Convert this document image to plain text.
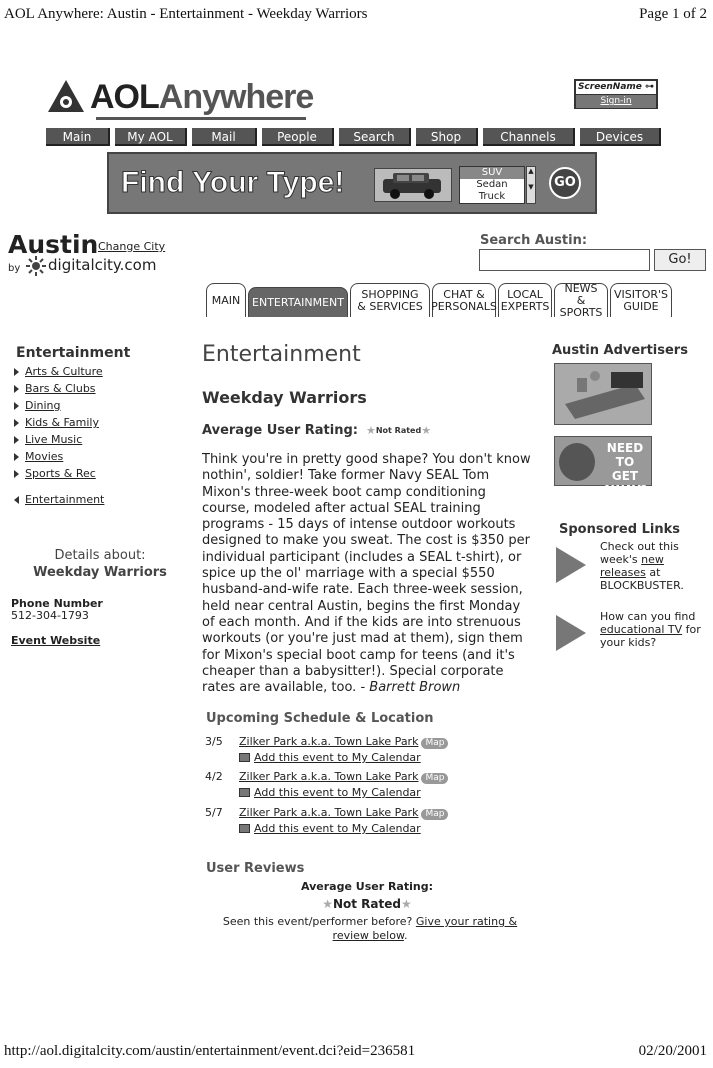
AOL Anywhere: Austin - Entertainment - Weekday Warriors	Page 1 of 2
AOLAnywhere	ScreenName ⊶
Sign-in
Main	My AOL	Mail	People	Search	Shop	Channels	Devices
Find Your Type!	SUV
Sedan
Truck
▲

▼	GO
Austin Change City
by digitalcity.com
Search Austin:
Go!
MAIN	ENTERTAINMENT
SHOPPING & SERVICES
CHAT & PERSONALS
LOCAL EXPERTS
NEWS & SPORTS
VISITOR'S GUIDE
Entertainment
Arts & Culture
Bars & Clubs
Dining
Kids & Family
Live Music
Movies
Sports & Rec
Entertainment
Details about:
Weekday Warriors
Phone Number
512-304-1793
Event Website
Entertainment
Weekday Warriors
Average User Rating: ★ Not Rated ★
Think you're in pretty good shape? You don't know nothin', soldier! Take former Navy SEAL Tom Mixon's three-week boot camp conditioning course, modeled after actual SEAL training programs - 15 days of intense outdoor workouts designed to make you sweat. The cost is $350 per individual participant (includes a SEAL t-shirt), or spice up the ol' marriage with a special $550 husband-and-wife rate. Each three-week session, held near central Austin, begins the first Monday of each month. And if the kids are into strenuous workouts (or you're just mad at them), sign them for Mixon's special boot camp for teens (and it's cheaper than a babysitter!). Special corporate rates are available, too. - Barrett Brown
Upcoming Schedule & Location
3/5 Zilker Park a.k.a. Town Lake Park Map
Add this event to My Calendar
4/2 Zilker Park a.k.a. Town Lake Park Map
Add this event to My Calendar
5/7 Zilker Park a.k.a. Town Lake Park Map
Add this event to My Calendar
User Reviews
Average User Rating:
★Not Rated★
Seen this event/performer before? Give your rating & review below.
Austin Advertisers
NEED TO GET AWAY?
Sponsored Links
Check out this week's new releases at BLOCKBUSTER.
How can you find educational TV for your kids?
http://aol.digitalcity.com/austin/entertainment/event.dci?eid=236581	02/20/2001
